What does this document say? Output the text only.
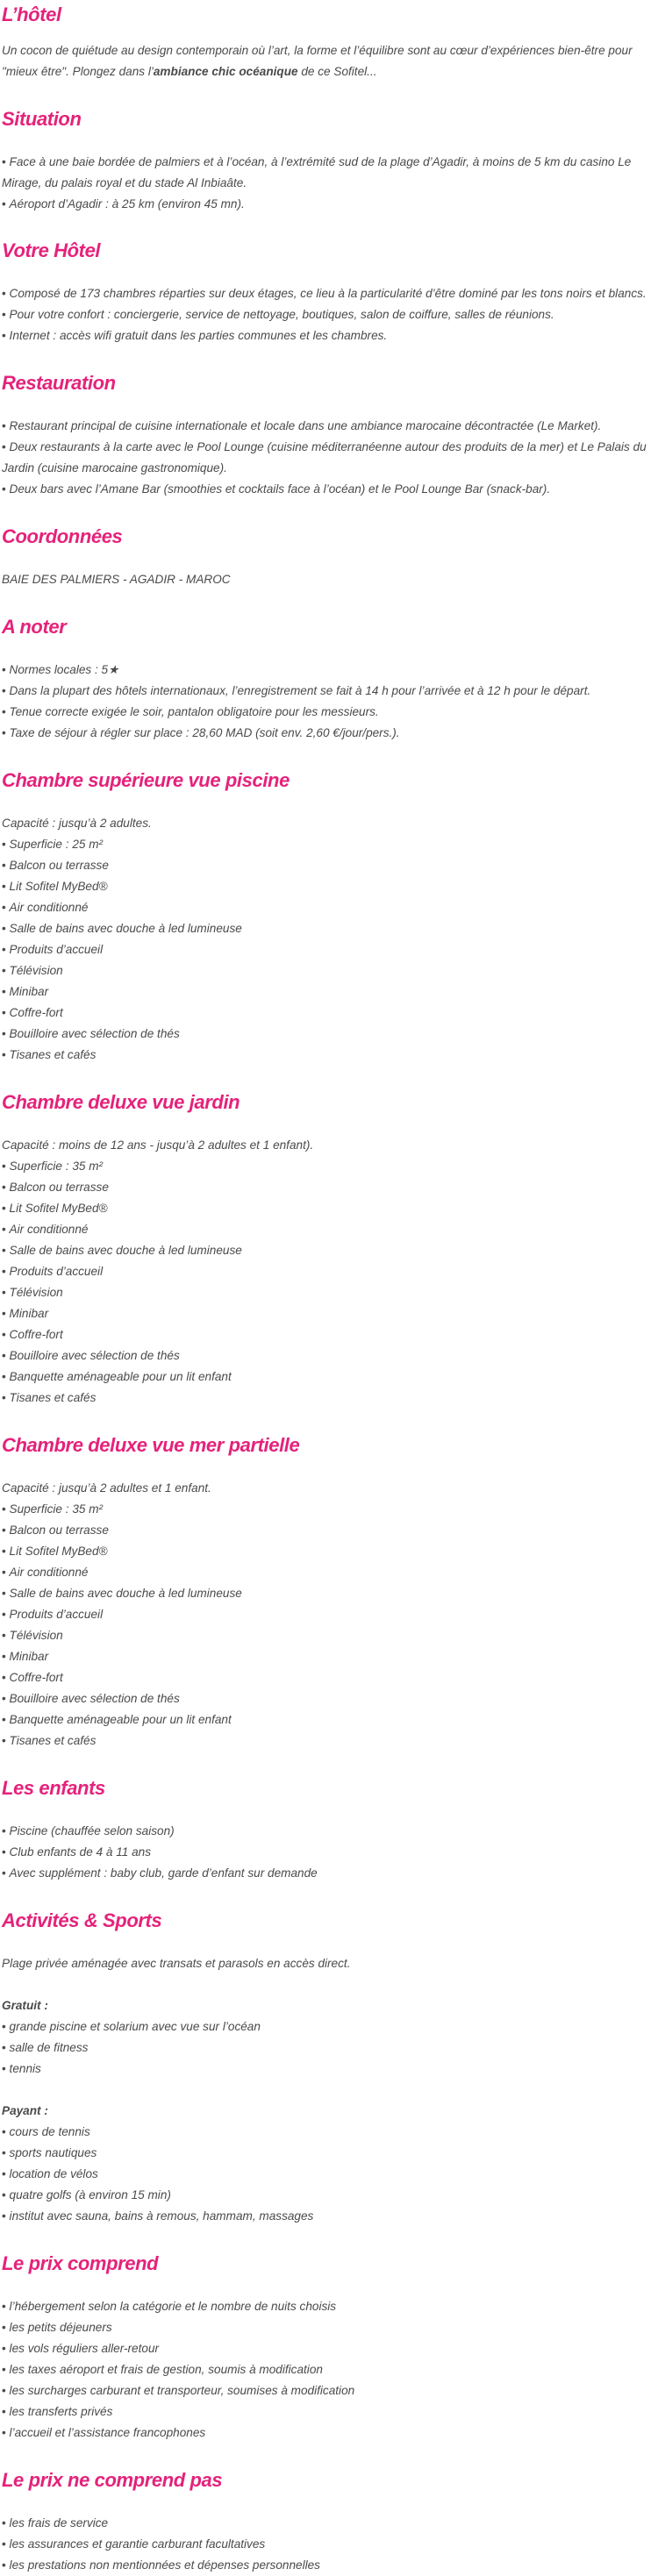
L’hôtel

Un cocon de quiétude au design contemporain où l’art, la forme et l’équilibre sont au cœur d’expériences bien-être pour "mieux être". Plongez dans l’ambiance chic océanique de ce Sofitel...

Situation
• Face à une baie bordée de palmiers et à l’océan, à l’extrémité sud de la plage d’Agadir, à moins de 5 km du casino Le Mirage, du palais royal et du stade Al Inbiaâte.
• Aéroport d’Agadir : à 25 km (environ 45 mn).
Votre Hôtel
• Composé de 173 chambres réparties sur deux étages, ce lieu à la particularité d’être dominé par les tons noirs et blancs.
• Pour votre confort : conciergerie, service de nettoyage, boutiques, salon de coiffure, salles de réunions.
• Internet : accès wifi gratuit dans les parties communes et les chambres.
Restauration
• Restaurant principal de cuisine internationale et locale dans une ambiance marocaine décontractée (Le Market).
• Deux restaurants à la carte avec le Pool Lounge (cuisine méditerranéenne autour des produits de la mer) et Le Palais du Jardin (cuisine marocaine gastronomique).
• Deux bars avec l’Amane Bar (smoothies et cocktails face à l’océan) et le Pool Lounge Bar (snack-bar).
Coordonnées

BAIE DES PALMIERS - AGADIR - MAROC

A noter
• Normes locales : 5★
• Dans la plupart des hôtels internationaux, l’enregistrement se fait à 14 h pour l’arrivée et à 12 h pour le départ.
• Tenue correcte exigée le soir, pantalon obligatoire pour les messieurs.
• Taxe de séjour à régler sur place : 28,60 MAD (soit env. 2,60 €/jour/pers.).
Chambre supérieure vue piscine

Capacité : jusqu’à 2 adultes.

• Superficie : 25 m²
• Balcon ou terrasse
• Lit Sofitel MyBed®
• Air conditionné
• Salle de bains avec douche à led lumineuse
• Produits d’accueil
• Télévision
• Minibar
• Coffre-fort
• Bouilloire avec sélection de thés
• Tisanes et cafés
Chambre deluxe vue jardin

Capacité : moins de 12 ans - jusqu’à 2 adultes et 1 enfant).

• Superficie : 35 m²
• Balcon ou terrasse
• Lit Sofitel MyBed®
• Air conditionné
• Salle de bains avec douche à led lumineuse
• Produits d’accueil
• Télévision
• Minibar
• Coffre-fort
• Bouilloire avec sélection de thés
• Banquette aménageable pour un lit enfant
• Tisanes et cafés
Chambre deluxe vue mer partielle

Capacité : jusqu’à 2 adultes et 1 enfant.

• Superficie : 35 m²
• Balcon ou terrasse
• Lit Sofitel MyBed®
• Air conditionné
• Salle de bains avec douche à led lumineuse
• Produits d’accueil
• Télévision
• Minibar
• Coffre-fort
• Bouilloire avec sélection de thés
• Banquette aménageable pour un lit enfant
• Tisanes et cafés
Les enfants
• Piscine (chauffée selon saison)
• Club enfants de 4 à 11 ans
• Avec supplément : baby club, garde d’enfant sur demande
Activités & Sports

Plage privée aménagée avec transats et parasols en accès direct.

Gratuit :

• grande piscine et solarium avec vue sur l’océan
• salle de fitness
• tennis

Payant :

• cours de tennis
• sports nautiques
• location de vélos
• quatre golfs (à environ 15 min)
• institut avec sauna, bains à remous, hammam, massages
Le prix comprend
• l’hébergement selon la catégorie et le nombre de nuits choisis
• les petits déjeuners
• les vols réguliers aller-retour
• les taxes aéroport et frais de gestion, soumis à modification
• les surcharges carburant et transporteur, soumises à modification
• les transferts privés
• l’accueil et l’assistance francophones
Le prix ne comprend pas
• les frais de service
• les assurances et garantie carburant facultatives
• les prestations non mentionnées et dépenses personnelles
